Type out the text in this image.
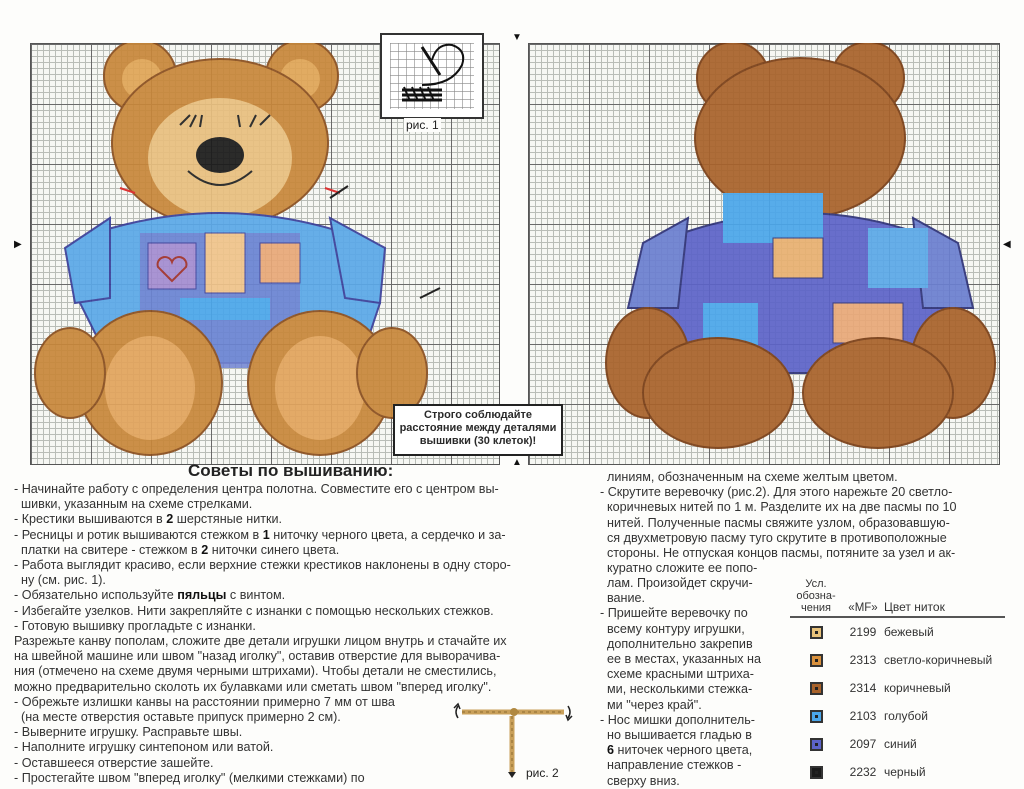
▼
▲
▶	◀
рис. 1
Строго соблюдайте
расстояние между деталями
вышивки (30 клеток)!
Советы по вышиванию:

- Начинайте работу с определения центра полотна. Совместите его с центром вы-

шивки, указанным на схеме стрелками.

- Крестики вышиваются в 2 шерстяные нитки.

- Ресницы и ротик вышиваются стежком в 1 ниточку черного цвета, а сердечко и за-

платки на свитере - стежком в 2 ниточки синего цвета.

- Работа выглядит красиво, если верхние стежки крестиков наклонены в одну сторо-

ну (см. рис. 1).

- Обязательно используйте пяльцы с винтом.

- Избегайте узелков. Нити закрепляйте с изнанки с помощью нескольких стежков.

- Готовую вышивку прогладьте с изнанки.

Разрежьте канву пополам, сложите две детали игрушки лицом внутрь и стачайте их

на швейной машине или швом "назад иголку", оставив отверстие для выворачива-

ния (отмечено на схеме двумя черными штрихами). Чтобы детали не сместились,

можно предварительно сколоть их булавками или сметать швом "вперед иголку".

- Обрежьте излишки канвы на расстоянии примерно 7 мм от шва

(на месте отверстия оставьте припуск примерно 2 см).

- Выверните игрушку. Расправьте швы.

- Наполните игрушку синтепоном или ватой.

- Оставшееся отверстие зашейте.

- Простегайте швом "вперед иголку" (мелкими стежками) по	рис. 2

линиям, обозначенным на схеме желтым цветом.

- Скрутите веревочку (рис.2). Для этого нарежьте 20 светло-

коричневых нитей по 1 м. Разделите их на две пасмы по 10

нитей. Полученные пасмы свяжите узлом, образовавшую-

ся двухметровую пасму туго скрутите в противоположные

стороны. Не отпуская концов пасмы, потяните за узел и ак-

куратно сложите ее попо-

лам. Произойдет скручи-

вание.

- Пришейте веревочку по

всему контуру игрушки,

дополнительно закрепив

ее в местах, указанных на

схеме красными штриха-

ми, несколькими стежка-

ми "через край".

- Нос мишки дополнитель-

но вышивается гладью в

6 ниточек черного цвета,

направление стежков -

сверху вниз.

Усл. обозна- чения	«MF» Цвет ниток
2199 бежевый
2313 светло-коричневый
2314 коричневый
2103 голубой
2097 синий
2232 черный
